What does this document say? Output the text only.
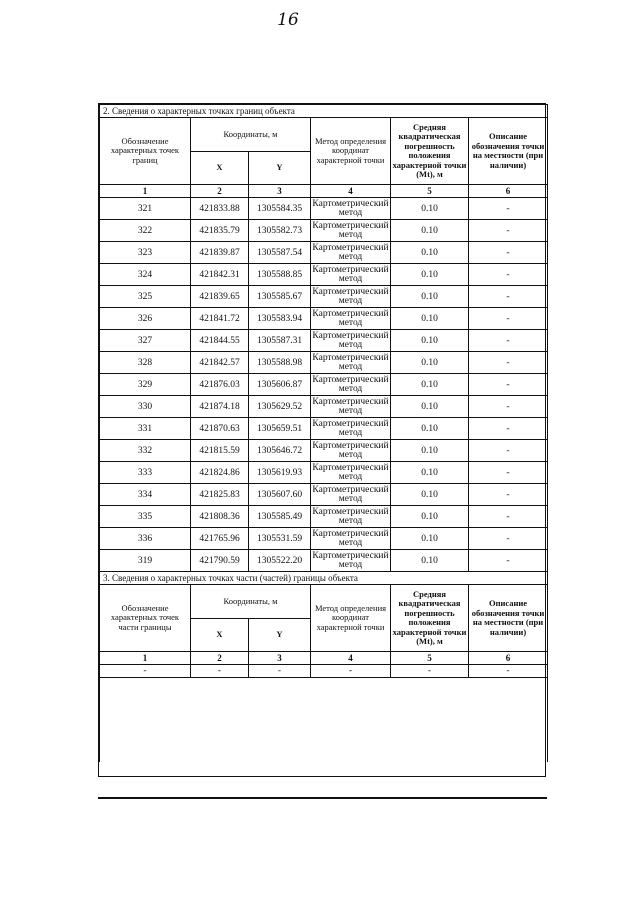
16
2. Сведения о характерных точках границ объекта					
Обозначение характерных точек границ	Координаты, м		Метод определения координат характерной точки	Средняя квадратическая погрешность положения характерной точки (Mt), м	Описание обозначения точки на местности (при наличии)
	X	Y			
1	2	3	4	5	6
321	421833.88	1305584.35	Картометрический метод	0.10	-
322	421835.79	1305582.73	Картометрический метод	0.10	-
323	421839.87	1305587.54	Картометрический метод	0.10	-
324	421842.31	1305588.85	Картометрический метод	0.10	-
325	421839.65	1305585.67	Картометрический метод	0.10	-
326	421841.72	1305583.94	Картометрический метод	0.10	-
327	421844.55	1305587.31	Картометрический метод	0.10	-
328	421842.57	1305588.98	Картометрический метод	0.10	-
329	421876.03	1305606.87	Картометрический метод	0.10	-
330	421874.18	1305629.52	Картометрический метод	0.10	-
331	421870.63	1305659.51	Картометрический метод	0.10	-
332	421815.59	1305646.72	Картометрический метод	0.10	-
333	421824.86	1305619.93	Картометрический метод	0.10	-
334	421825.83	1305607.60	Картометрический метод	0.10	-
335	421808.36	1305585.49	Картометрический метод	0.10	-
336	421765.96	1305531.59	Картометрический метод	0.10	-
319	421790.59	1305522.20	Картометрический метод	0.10	-
3. Сведения о характерных точках части (частей) границы объекта					
Обозначение характерных точек части границы	Координаты, м		Метод определения координат характерной точки	Средняя квадратическая погрешность положения характерной точки (Mt), м	Описание обозначения точки на местности (при наличии)
	X	Y			
1	2	3	4	5	6
-	-	-	-	-	-
